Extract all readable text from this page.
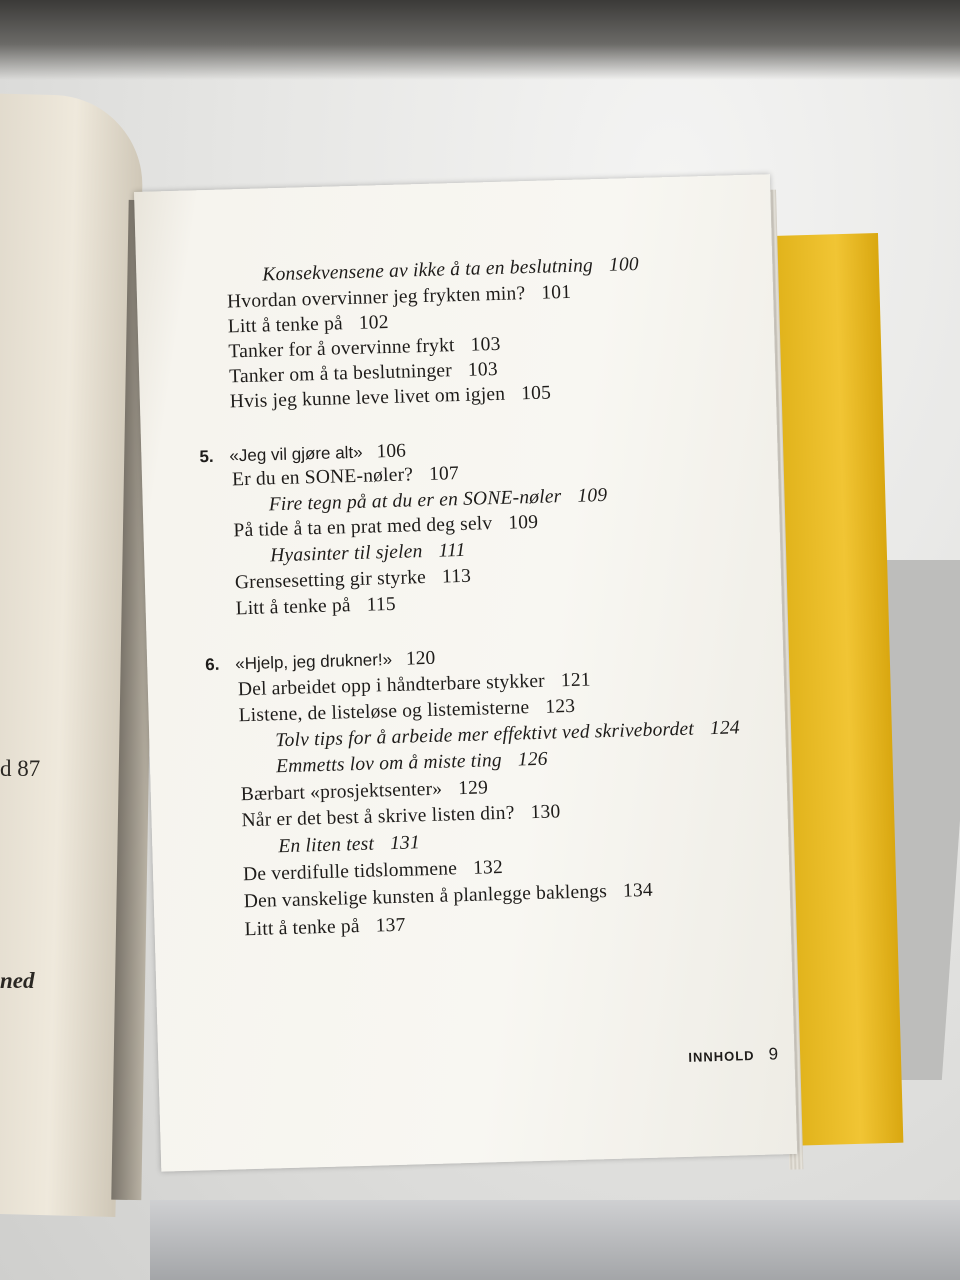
d 87
ned
Konsekvensene av ikke å ta en beslutning 100
Hvordan overvinner jeg frykten min? 101
Litt å tenke på 102
Tanker for å overvinne frykt 103
Tanker om å ta beslutninger 103
Hvis jeg kunne leve livet om igjen 105
5. «Jeg vil gjøre alt» 106
Er du en SONE-nøler? 107
Fire tegn på at du er en SONE-nøler 109
På tide å ta en prat med deg selv 109
Hyasinter til sjelen 111
Grensesetting gir styrke 113
Litt å tenke på 115
6. «Hjelp, jeg drukner!» 120
Del arbeidet opp i håndterbare stykker 121
Listene, de listeløse og listemisterne 123
Tolv tips for å arbeide mer effektivt ved skrivebordet 124
Emmetts lov om å miste ting 126
Bærbart «prosjektsenter» 129
Når er det best å skrive listen din? 130
En liten test 131
De verdifulle tidslommene 132
Den vanskelige kunsten å planlegge baklengs 134
Litt å tenke på 137
INNHOLD 9
